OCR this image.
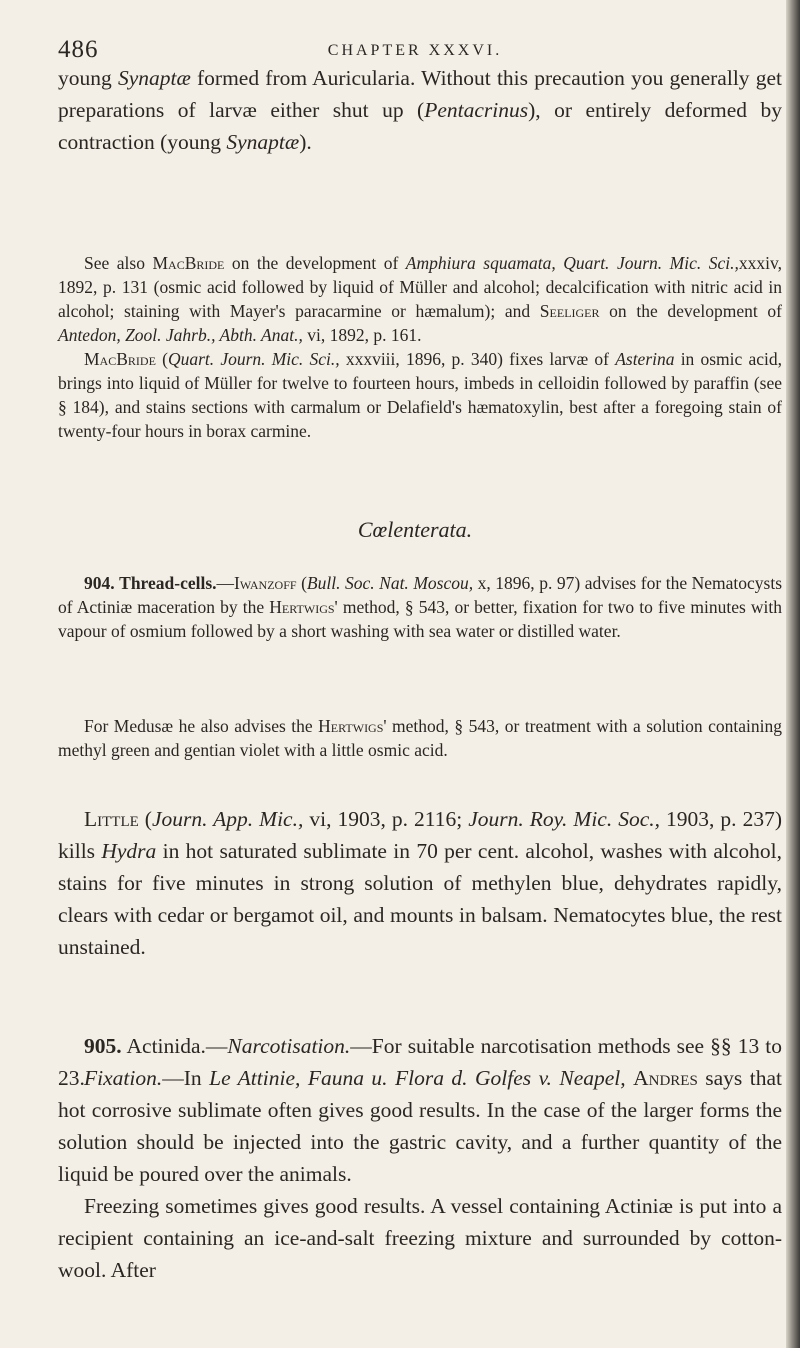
486	CHAPTER XXXVI.

young Synaptæ formed from Auricularia. Without this precaution you generally get preparations of larvæ either shut up (Pentacrinus), or entirely deformed by contraction (young Synaptæ).

See also MacBride on the development of Amphiura squamata, Quart. Journ. Mic. Sci.,xxxiv, 1892, p. 131 (osmic acid followed by liquid of Müller and alcohol; decalcification with nitric acid in alcohol; staining with Mayer's paracarmine or hæmalum); and Seeliger on the development of Antedon, Zool. Jahrb., Abth. Anat., vi, 1892, p. 161.

MacBride (Quart. Journ. Mic. Sci., xxxviii, 1896, p. 340) fixes larvæ of Asterina in osmic acid, brings into liquid of Müller for twelve to fourteen hours, imbeds in celloidin followed by paraffin (see § 184), and stains sections with carmalum or Delafield's hæmatoxylin, best after a foregoing stain of twenty-four hours in borax carmine.

Cœlenterata.

904. Thread-cells.—Iwanzoff (Bull. Soc. Nat. Moscou, x, 1896, p. 97) advises for the Nematocysts of Actiniæ maceration by the Hertwigs' method, § 543, or better, fixation for two to five minutes with vapour of osmium followed by a short washing with sea water or distilled water.

For Medusæ he also advises the Hertwigs' method, § 543, or treatment with a solution containing methyl green and gentian violet with a little osmic acid.

Little (Journ. App. Mic., vi, 1903, p. 2116; Journ. Roy. Mic. Soc., 1903, p. 237) kills Hydra in hot saturated sublimate in 70 per cent. alcohol, washes with alcohol, stains for five minutes in strong solution of methylen blue, dehydrates rapidly, clears with cedar or bergamot oil, and mounts in balsam. Nematocytes blue, the rest unstained.

905. Actinida.—Narcotisation.—For suitable narcotisation methods see §§ 13 to 23. Fixation.—In Le Attinie, Fauna u. Flora d. Golfes v. Neapel, Andres says that hot corrosive sublimate often gives good results. In the case of the larger forms the solution should be injected into the gastric cavity, and a further quantity of the liquid be poured over the animals.

Freezing sometimes gives good results. A vessel containing Actiniæ is put into a recipient containing an ice-and-salt freezing mixture and surrounded by cotton-wool. After
